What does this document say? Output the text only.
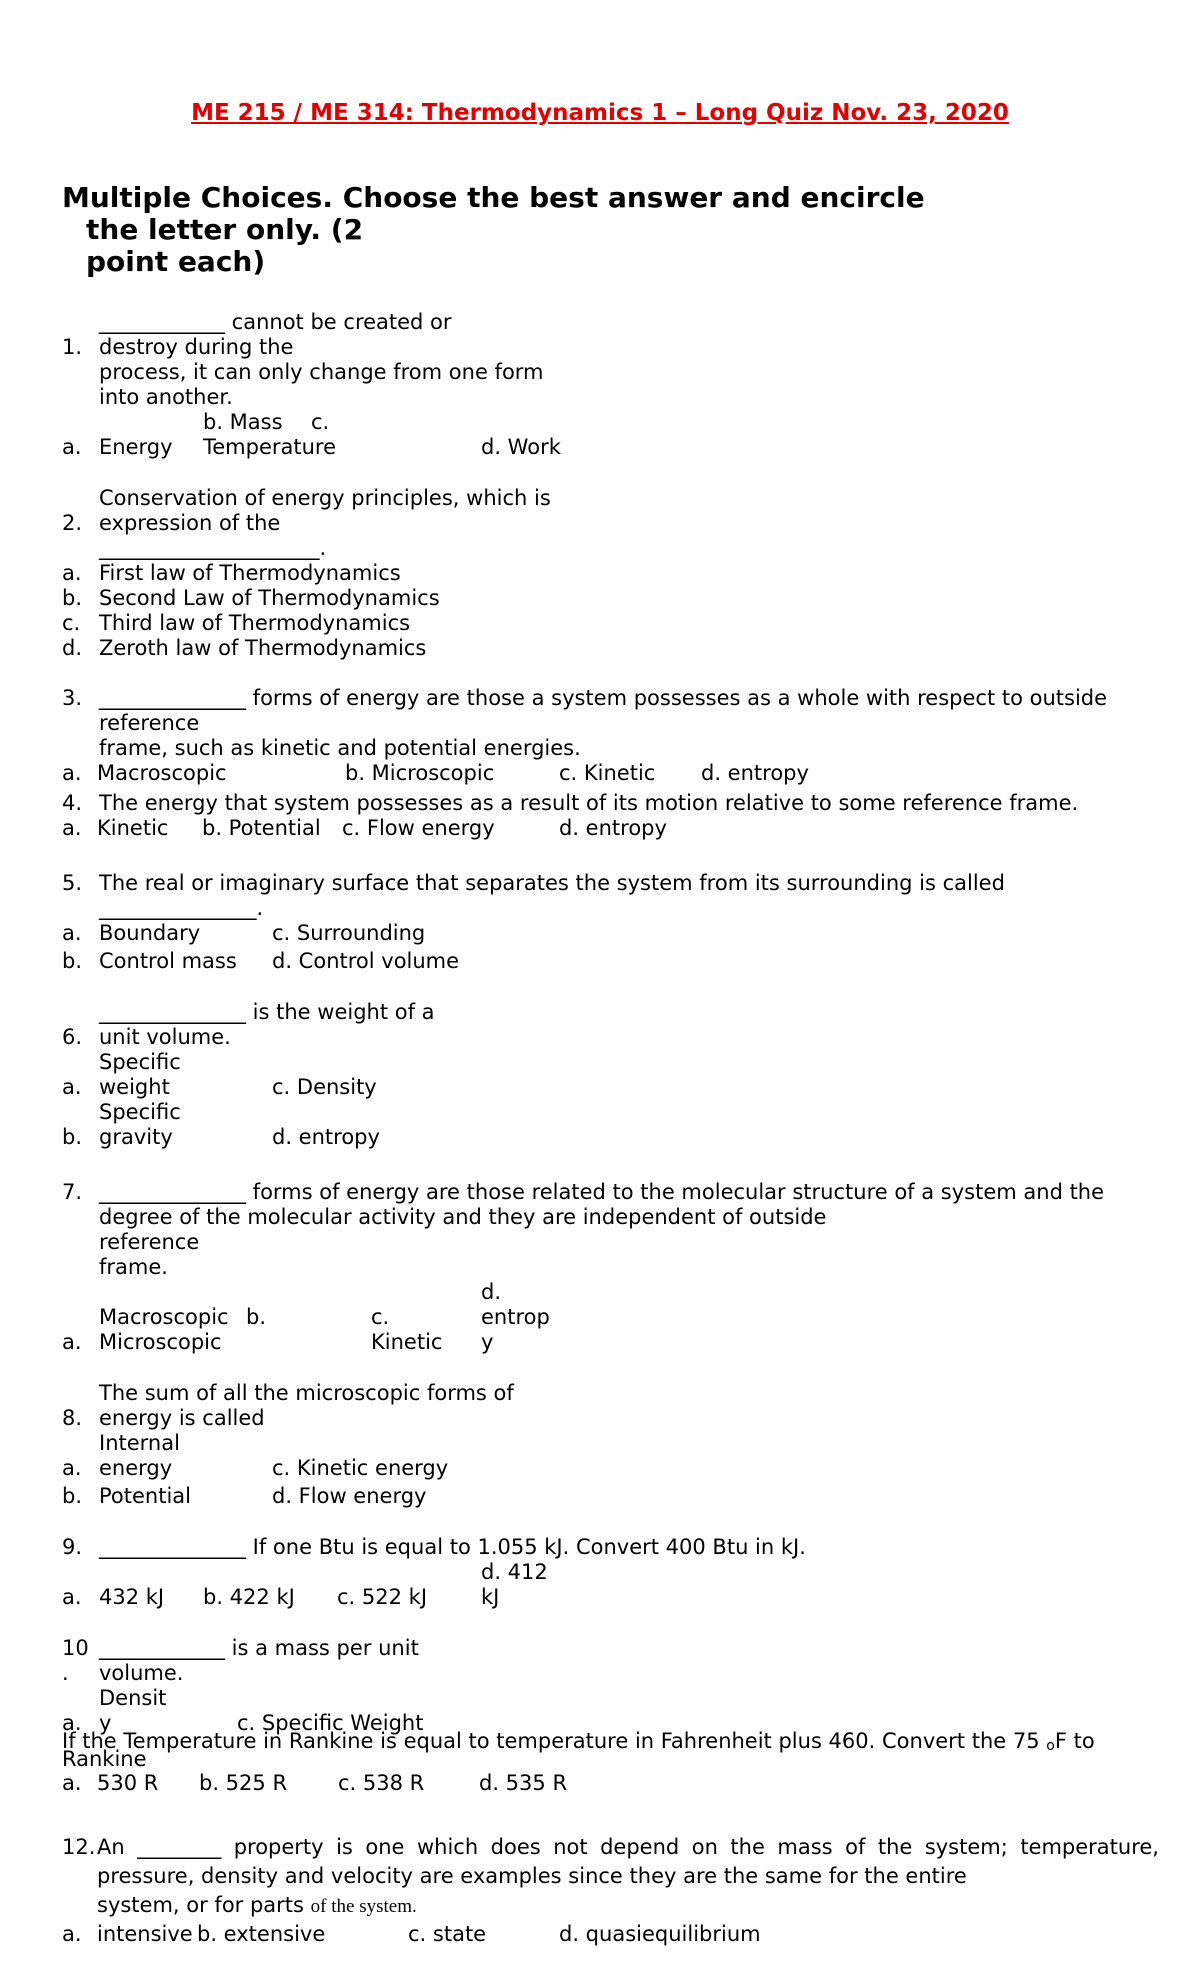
ME 215 / ME 314: Thermodynamics 1 – Long Quiz Nov. 23, 2020
Multiple Choices. Choose the best answer and encircle
the letter only. (2
point each)
____________ cannot be created or
1. destroy during the
process, it can only change from one form
into another.
b. Mass c.
a. Energy Temperature	d. Work
Conservation of energy principles, which is
2. expression of the
_____________________.
a. First law of Thermodynamics
b. Second Law of Thermodynamics
c. Third law of Thermodynamics
d. Zeroth law of Thermodynamics
3. ______________ forms of energy are those a system possesses as a whole with respect to outside
reference
frame, such as kinetic and potential energies.
a. Macroscopic	b. Microscopic	c. Kinetic d. entropy
4. The energy that system possesses as a result of its motion relative to some reference frame.
a. Kinetic b. Potential c. Flow energy	d. entropy
5. The real or imaginary surface that separates the system from its surrounding is called
_______________.
a. Boundary	c. Surrounding
b. Control mass d. Control volume
______________ is the weight of a
6. unit volume.
Specific
a. weight	c. Density
Specific
b. gravity	d. entropy
7. ______________ forms of energy are those related to the molecular structure of a system and the
degree of the molecular activity and they are independent of outside
reference
frame.
d.
Macroscopic b.	c.	entrop
a. Microscopic	Kinetic y
The sum of all the microscopic forms of
8. energy is called
Internal
a. energy	c. Kinetic energy
b. Potential	d. Flow energy
9. ______________ If one Btu is equal to 1.055 kJ. Convert 400 Btu in kJ.
d. 412
a. 432 kJ b. 422 kJ c. 522 kJ	kJ
10 ____________ is a mass per unit
. volume.
Densit
a. y	c. Specific Weight
If the Temperature in Rankine is equal to temperature in Fahrenheit plus 460. Convert the 75 $_o$F to
Rankine
a. 530 R b. 525 R c. 538 R	d. 535 R
12. An ________ property is one which does not depend on the mass of the system; temperature,
pressure, density and velocity are examples since they are the same for the entire
system, or for parts of the system.
a. intensive b. extensive	c. state	d. quasiequilibrium
